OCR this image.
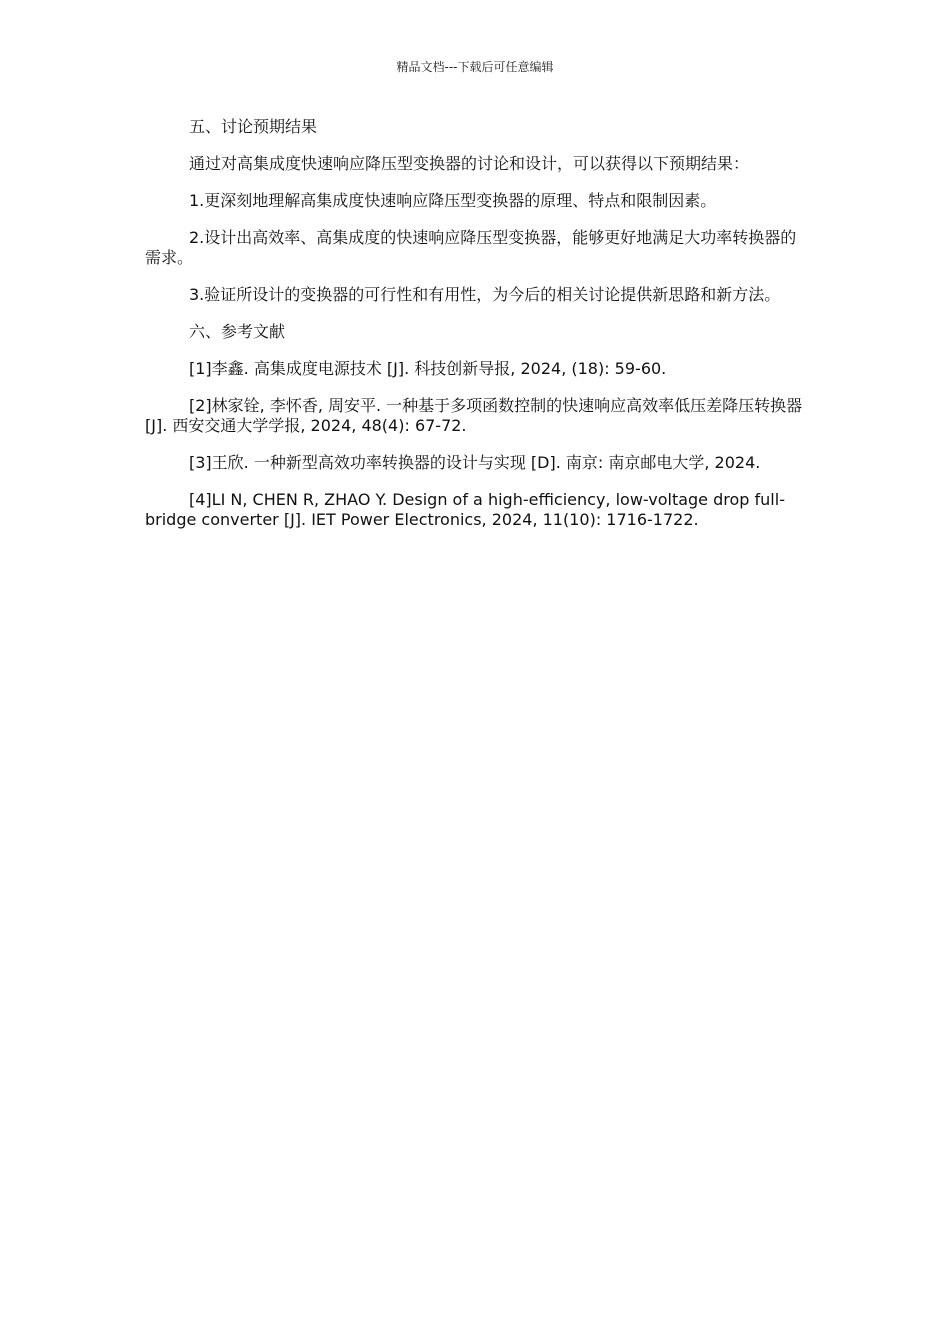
精品文档---下载后可任意编辑

五、讨论预期结果

通过对高集成度快速响应降压型变换器的讨论和设计，可以获得以下预期结果：

1.更深刻地理解高集成度快速响应降压型变换器的原理、特点和限制因素。

2.设计出高效率、高集成度的快速响应降压型变换器，能够更好地满足大功率转换器的需求。

3.验证所设计的变换器的可行性和有用性，为今后的相关讨论提供新思路和新方法。

六、参考文献

[1]李鑫. 高集成度电源技术 [J]. 科技创新导报, 2024, (18): 59-60.

[2]林家铨, 李怀香, 周安平. 一种基于多项函数控制的快速响应高效率低压差降压转换器 [J]. 西安交通大学学报, 2024, 48(4): 67-72.

[3]王欣. 一种新型高效功率转换器的设计与实现 [D]. 南京: 南京邮电大学, 2024.

[4]LI N, CHEN R, ZHAO Y. Design of a high-efficiency, low-voltage drop full-bridge converter [J]. IET Power Electronics, 2024, 11(10): 1716-1722.
